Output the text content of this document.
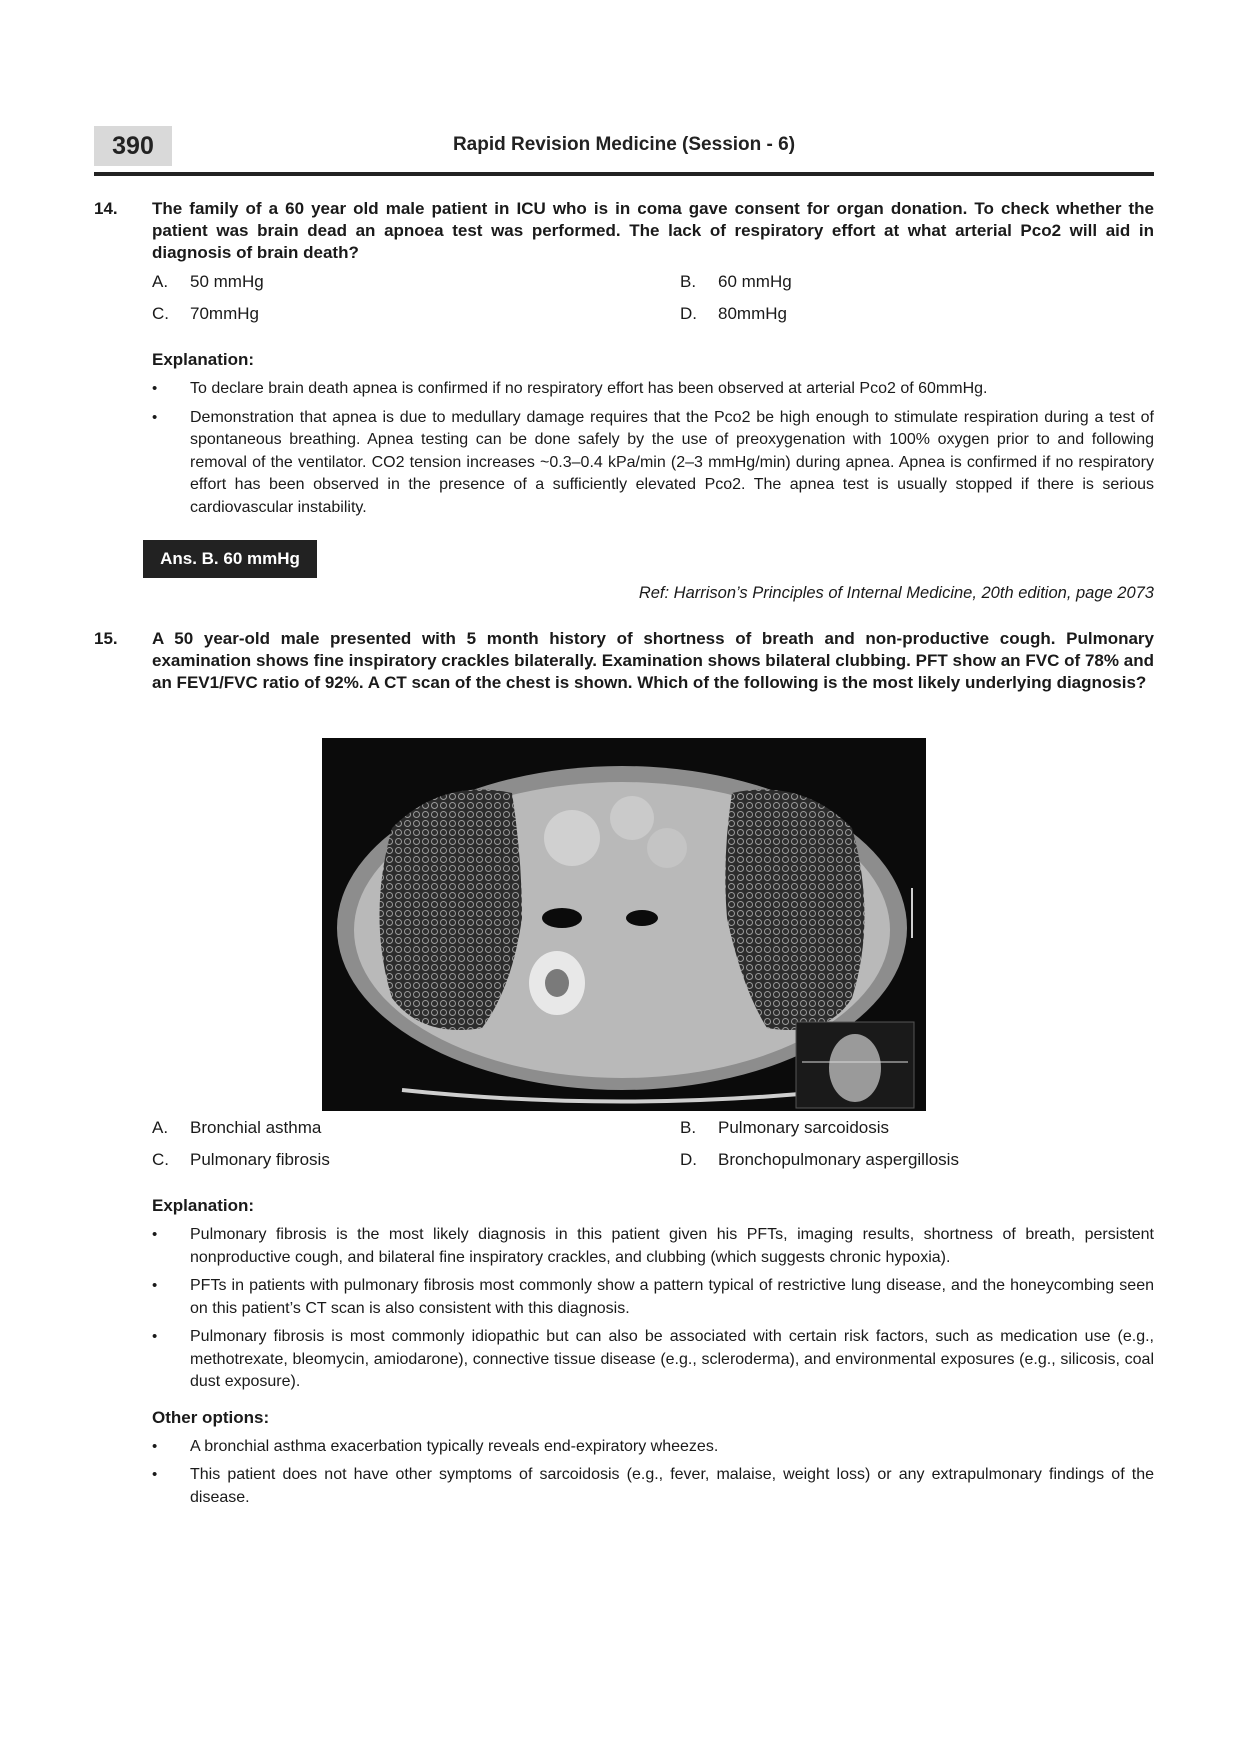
390	Rapid Revision Medicine (Session - 6)
14. The family of a 60 year old male patient in ICU who is in coma gave consent for organ donation. To check whether the patient was brain dead an apnoea test was performed. The lack of respiratory effort at what arterial Pco2 will aid in diagnosis of brain death?
A. 50 mmHg	B. 60 mmHg
C. 70mmHg	D. 80mmHg
Explanation:
• To declare brain death apnea is confirmed if no respiratory effort has been observed at arterial Pco2 of 60mmHg.
• Demonstration that apnea is due to medullary damage requires that the Pco2 be high enough to stimulate respiration during a test of spontaneous breathing. Apnea testing can be done safely by the use of preoxygenation with 100% oxygen prior to and following removal of the ventilator. CO2 tension increases ~0.3–0.4 kPa/min (2–3 mmHg/min) during apnea. Apnea is confirmed if no respiratory effort has been observed in the presence of a sufficiently elevated Pco2. The apnea test is usually stopped if there is serious cardiovascular instability.
Ans. B. 60 mmHg
Ref: Harrison’s Principles of Internal Medicine, 20th edition, page 2073
15. A 50 year-old male presented with 5 month history of shortness of breath and non-productive cough. Pulmonary examination shows fine inspiratory crackles bilaterally. Examination shows bilateral clubbing. PFT show an FVC of 78% and an FEV1/FVC ratio of 92%. A CT scan of the chest is shown. Which of the following is the most likely underlying diagnosis?
A. Bronchial asthma	B. Pulmonary sarcoidosis
C. Pulmonary fibrosis	D. Bronchopulmonary aspergillosis
Explanation:
• Pulmonary fibrosis is the most likely diagnosis in this patient given his PFTs, imaging results, shortness of breath, persistent nonproductive cough, and bilateral fine inspiratory crackles, and clubbing (which suggests chronic hypoxia).
• PFTs in patients with pulmonary fibrosis most commonly show a pattern typical of restrictive lung disease, and the honeycombing seen on this patient’s CT scan is also consistent with this diagnosis.
• Pulmonary fibrosis is most commonly idiopathic but can also be associated with certain risk factors, such as medication use (e.g., methotrexate, bleomycin, amiodarone), connective tissue disease (e.g., scleroderma), and environmental exposures (e.g., silicosis, coal dust exposure).
Other options:
• A bronchial asthma exacerbation typically reveals end-expiratory wheezes.
• This patient does not have other symptoms of sarcoidosis (e.g., fever, malaise, weight loss) or any extrapulmonary findings of the disease.
